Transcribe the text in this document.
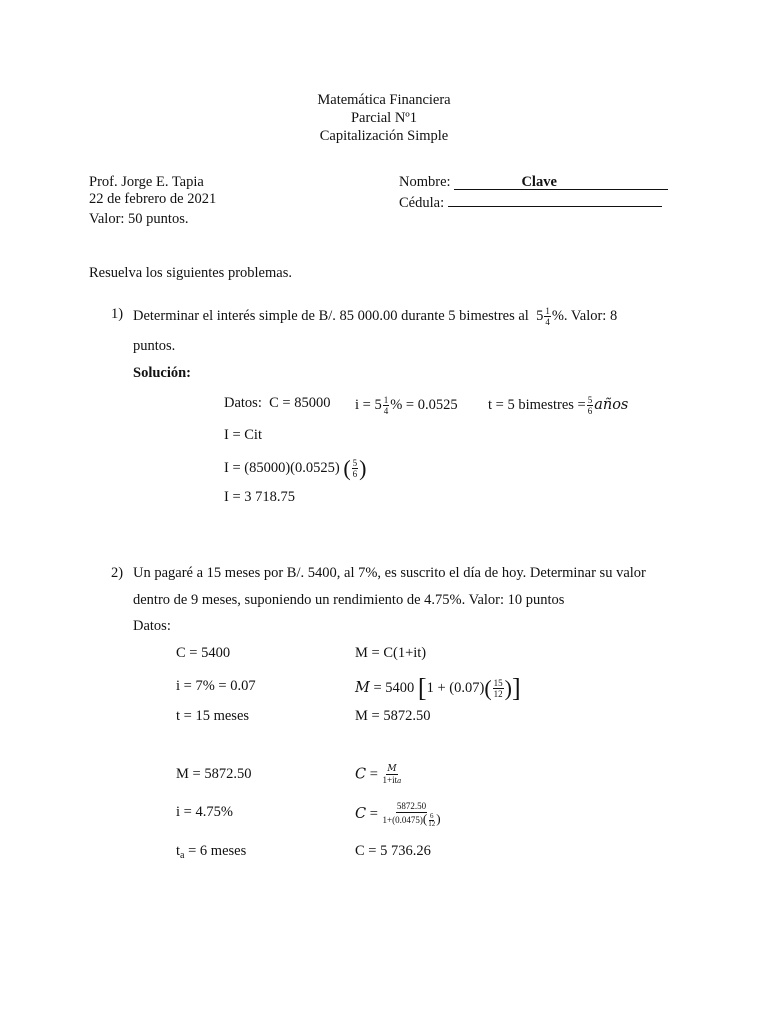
Matemática Financiera
Parcial Nº1
Capitalización Simple
Prof. Jorge E. Tapia
22 de febrero de 2021
Valor: 50 puntos.
Nombre:	Clave
Cédula:
Resuelva los siguientes problemas.
1) Determinar el interés simple de B/. 85 000.00 durante 5 bimestres al $5 \frac{1}{4}$ %. Valor: 8
puntos.
Solución:
Datos: C = 85000 $i = 5 \frac{1}{4}$ % = 0.0525 t = 5 bimestres = $\frac{5}{6}$ años
I = Cit
I = (85000)(0.0525) ( $\frac{5}{6}$ )
I = 3 718.75
2) Un pagaré a 15 meses por B/. 5400, al 7%, es suscrito el día de hoy. Determinar su valor
dentro de 9 meses, suponiendo un rendimiento de 4.75%. Valor: 10 puntos
Datos:
C = 5400
i = 7% = 0.07
t = 15 meses
M = 5872.50
i = 4.75%
$t_a = 6$ meses
M = C(1+it)
M = 5400 [$1 + (0.07)( \frac{15}{12}$ )]
M = 5872.50
$C = \frac{M}{\text{1+ita}}$
$C = \frac{5872.50}{1+(0.0475)( \frac{6}{12} )}$
C = 5 736.26
